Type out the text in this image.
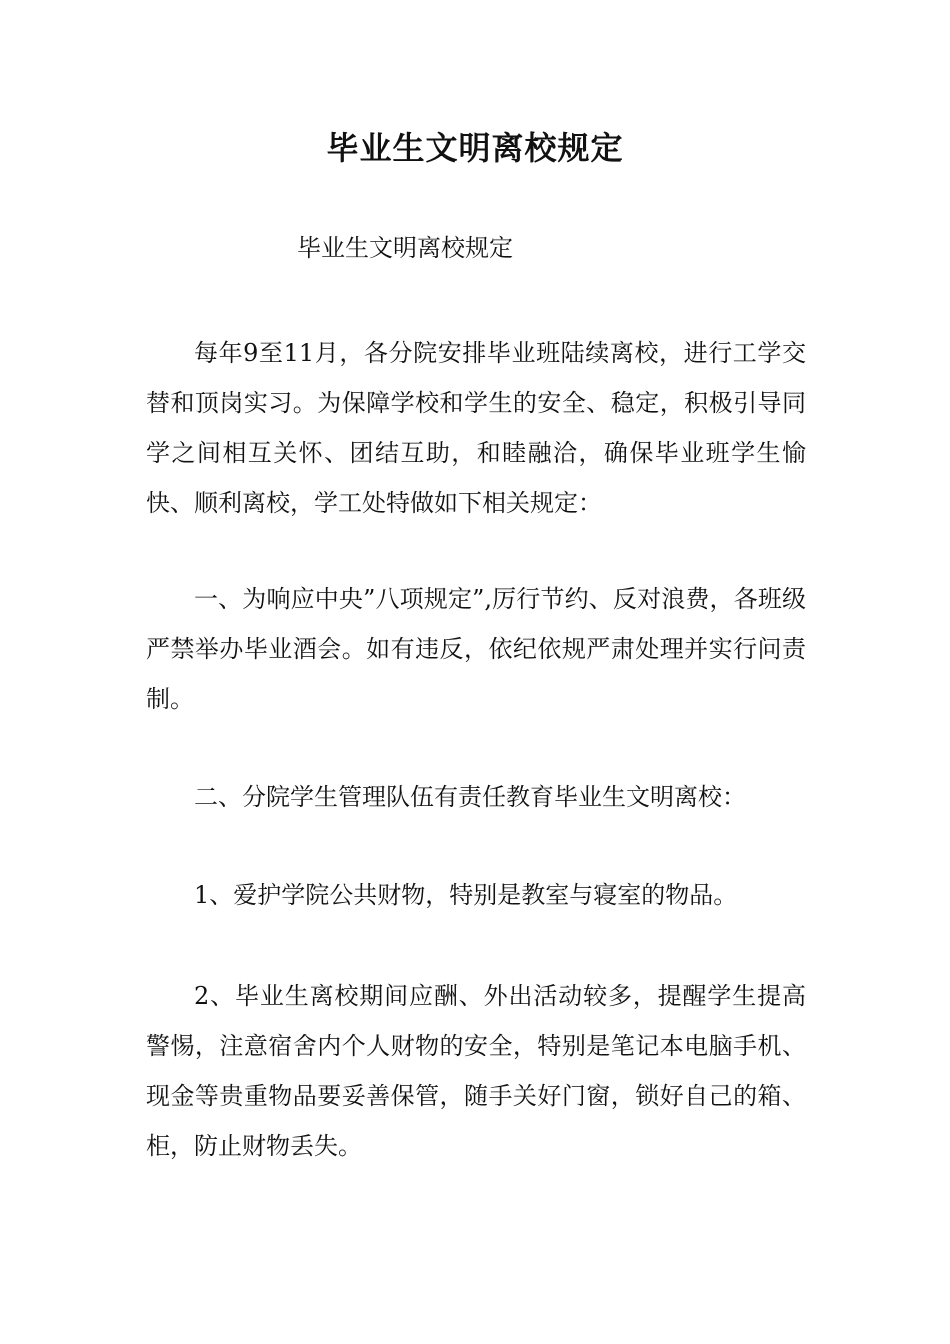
毕业生文明离校规定

毕业生文明离校规定

每年9至11月，各分院安排毕业班陆续离校，进行工学交替和顶岗实习。为保障学校和学生的安全、稳定，积极引导同学之间相互关怀、团结互助，和睦融洽，确保毕业班学生愉快、顺利离校，学工处特做如下相关规定：

一、为响应中央”八项规定”,厉行节约、反对浪费，各班级严禁举办毕业酒会。如有违反，依纪依规严肃处理并实行问责制。

二、分院学生管理队伍有责任教育毕业生文明离校：

1、爱护学院公共财物，特别是教室与寝室的物品。

2、毕业生离校期间应酬、外出活动较多，提醒学生提高警惕，注意宿舍内个人财物的安全，特别是笔记本电脑手机、现金等贵重物品要妥善保管，随手关好门窗，锁好自己的箱、柜，防止财物丢失。
